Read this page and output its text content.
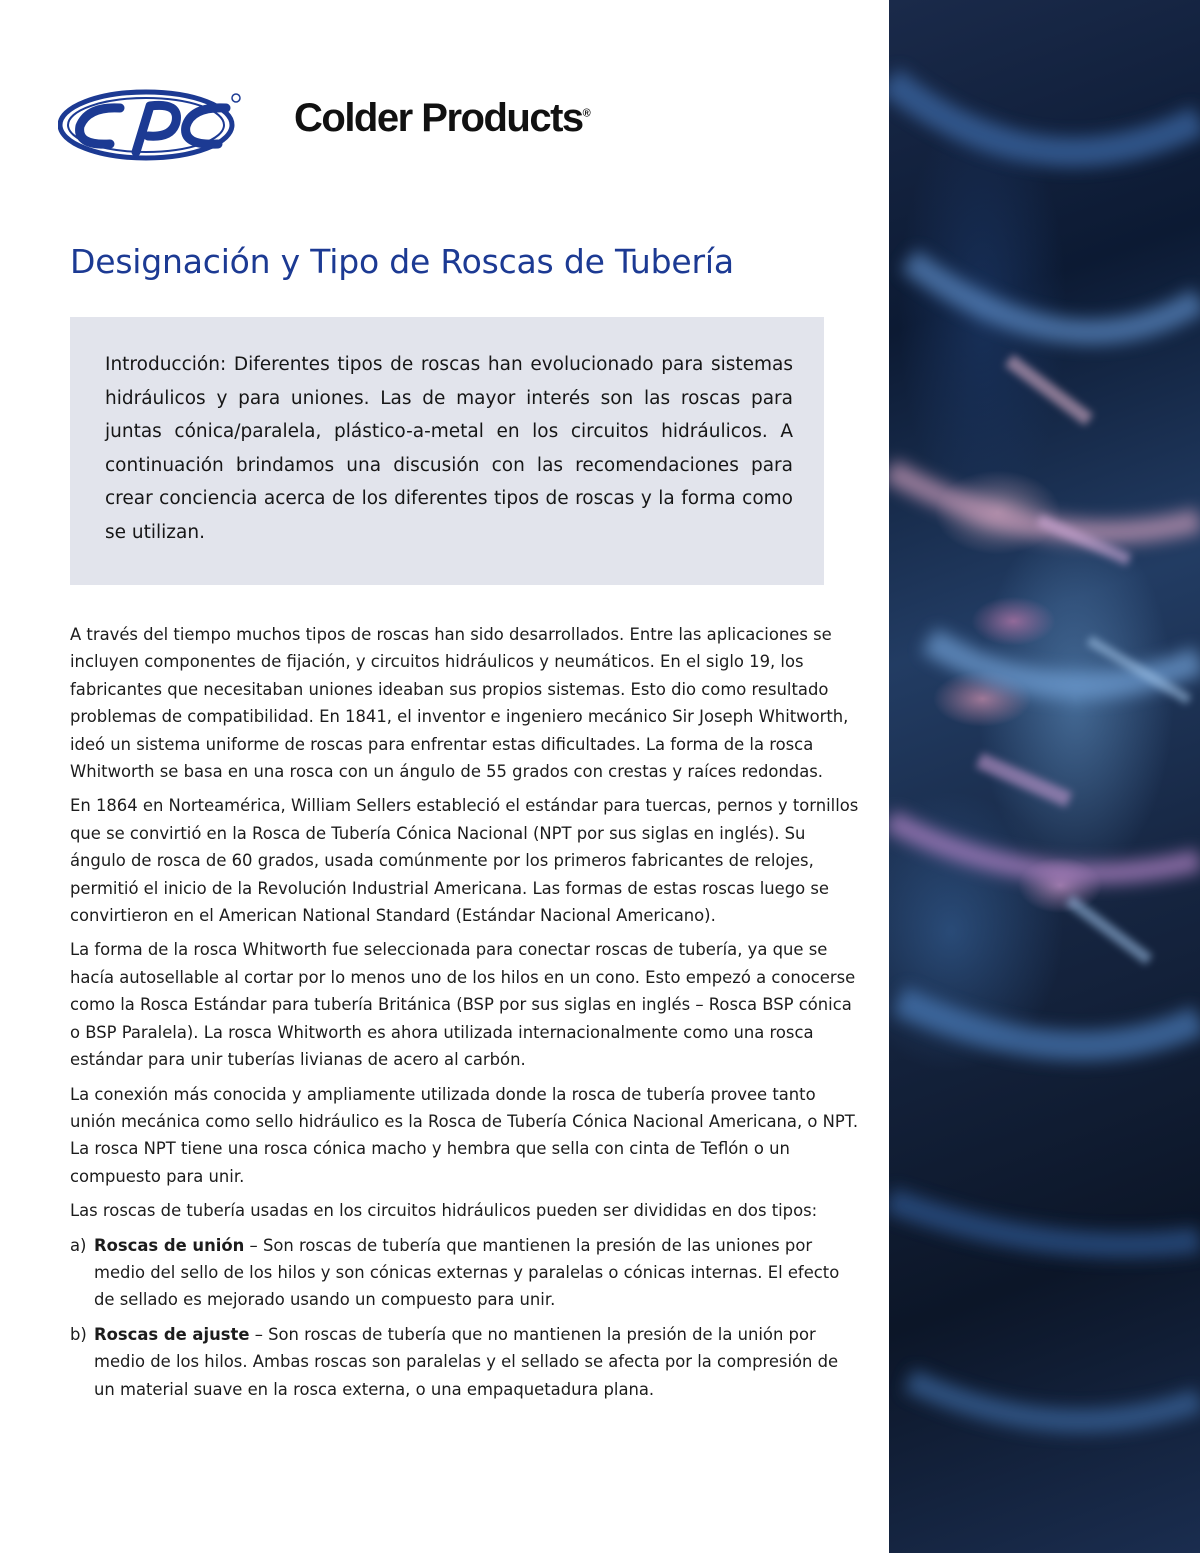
Colder Products®
Designación y Tipo de Roscas de Tubería

Introducción: Diferentes tipos de roscas han evolucionado para sistemas hidráulicos y para uniones. Las de mayor interés son las roscas para juntas cónica/paralela, plástico-a-metal en los circuitos hidráulicos. A continuación brindamos una discusión con las recomendaciones para crear conciencia acerca de los diferentes tipos de roscas y la forma como se utilizan.

A través del tiempo muchos tipos de roscas han sido desarrollados. Entre las aplicaciones se incluyen componentes de fijación, y circuitos hidráulicos y neumáticos. En el siglo 19, los fabricantes que necesitaban uniones ideaban sus propios sistemas. Esto dio como resultado problemas de compatibilidad. En 1841, el inventor e ingeniero mecánico Sir Joseph Whitworth, ideó un sistema uniforme de roscas para enfrentar estas dificultades. La forma de la rosca Whitworth se basa en una rosca con un ángulo de 55 grados con crestas y raíces redondas.

En 1864 en Norteamérica, William Sellers estableció el estándar para tuercas, pernos y tornillos que se convirtió en la Rosca de Tubería Cónica Nacional (NPT por sus siglas en inglés). Su ángulo de rosca de 60 grados, usada comúnmente por los primeros fabricantes de relojes, permitió el inicio de la Revolución Industrial Americana. Las formas de estas roscas luego se convirtieron en el American National Standard (Estándar Nacional Americano).

La forma de la rosca Whitworth fue seleccionada para conectar roscas de tubería, ya que se hacía autosellable al cortar por lo menos uno de los hilos en un cono. Esto empezó a conocerse como la Rosca Estándar para tubería Británica (BSP por sus siglas en inglés – Rosca BSP cónica o BSP Paralela). La rosca Whitworth es ahora utilizada internacionalmente como una rosca estándar para unir tuberías livianas de acero al carbón.

La conexión más conocida y ampliamente utilizada donde la rosca de tubería provee tanto unión mecánica como sello hidráulico es la Rosca de Tubería Cónica Nacional Americana, o NPT. La rosca NPT tiene una rosca cónica macho y hembra que sella con cinta de Teflón o un compuesto para unir.

Las roscas de tubería usadas en los circuitos hidráulicos pueden ser divididas en dos tipos:

a) Roscas de unión – Son roscas de tubería que mantienen la presión de las uniones por medio del sello de los hilos y son cónicas externas y paralelas o cónicas internas. El efecto de sellado es mejorado usando un compuesto para unir.
b) Roscas de ajuste – Son roscas de tubería que no mantienen la presión de la unión por medio de los hilos. Ambas roscas son paralelas y el sellado se afecta por la compresión de un material suave en la rosca externa, o una empaquetadura plana.
